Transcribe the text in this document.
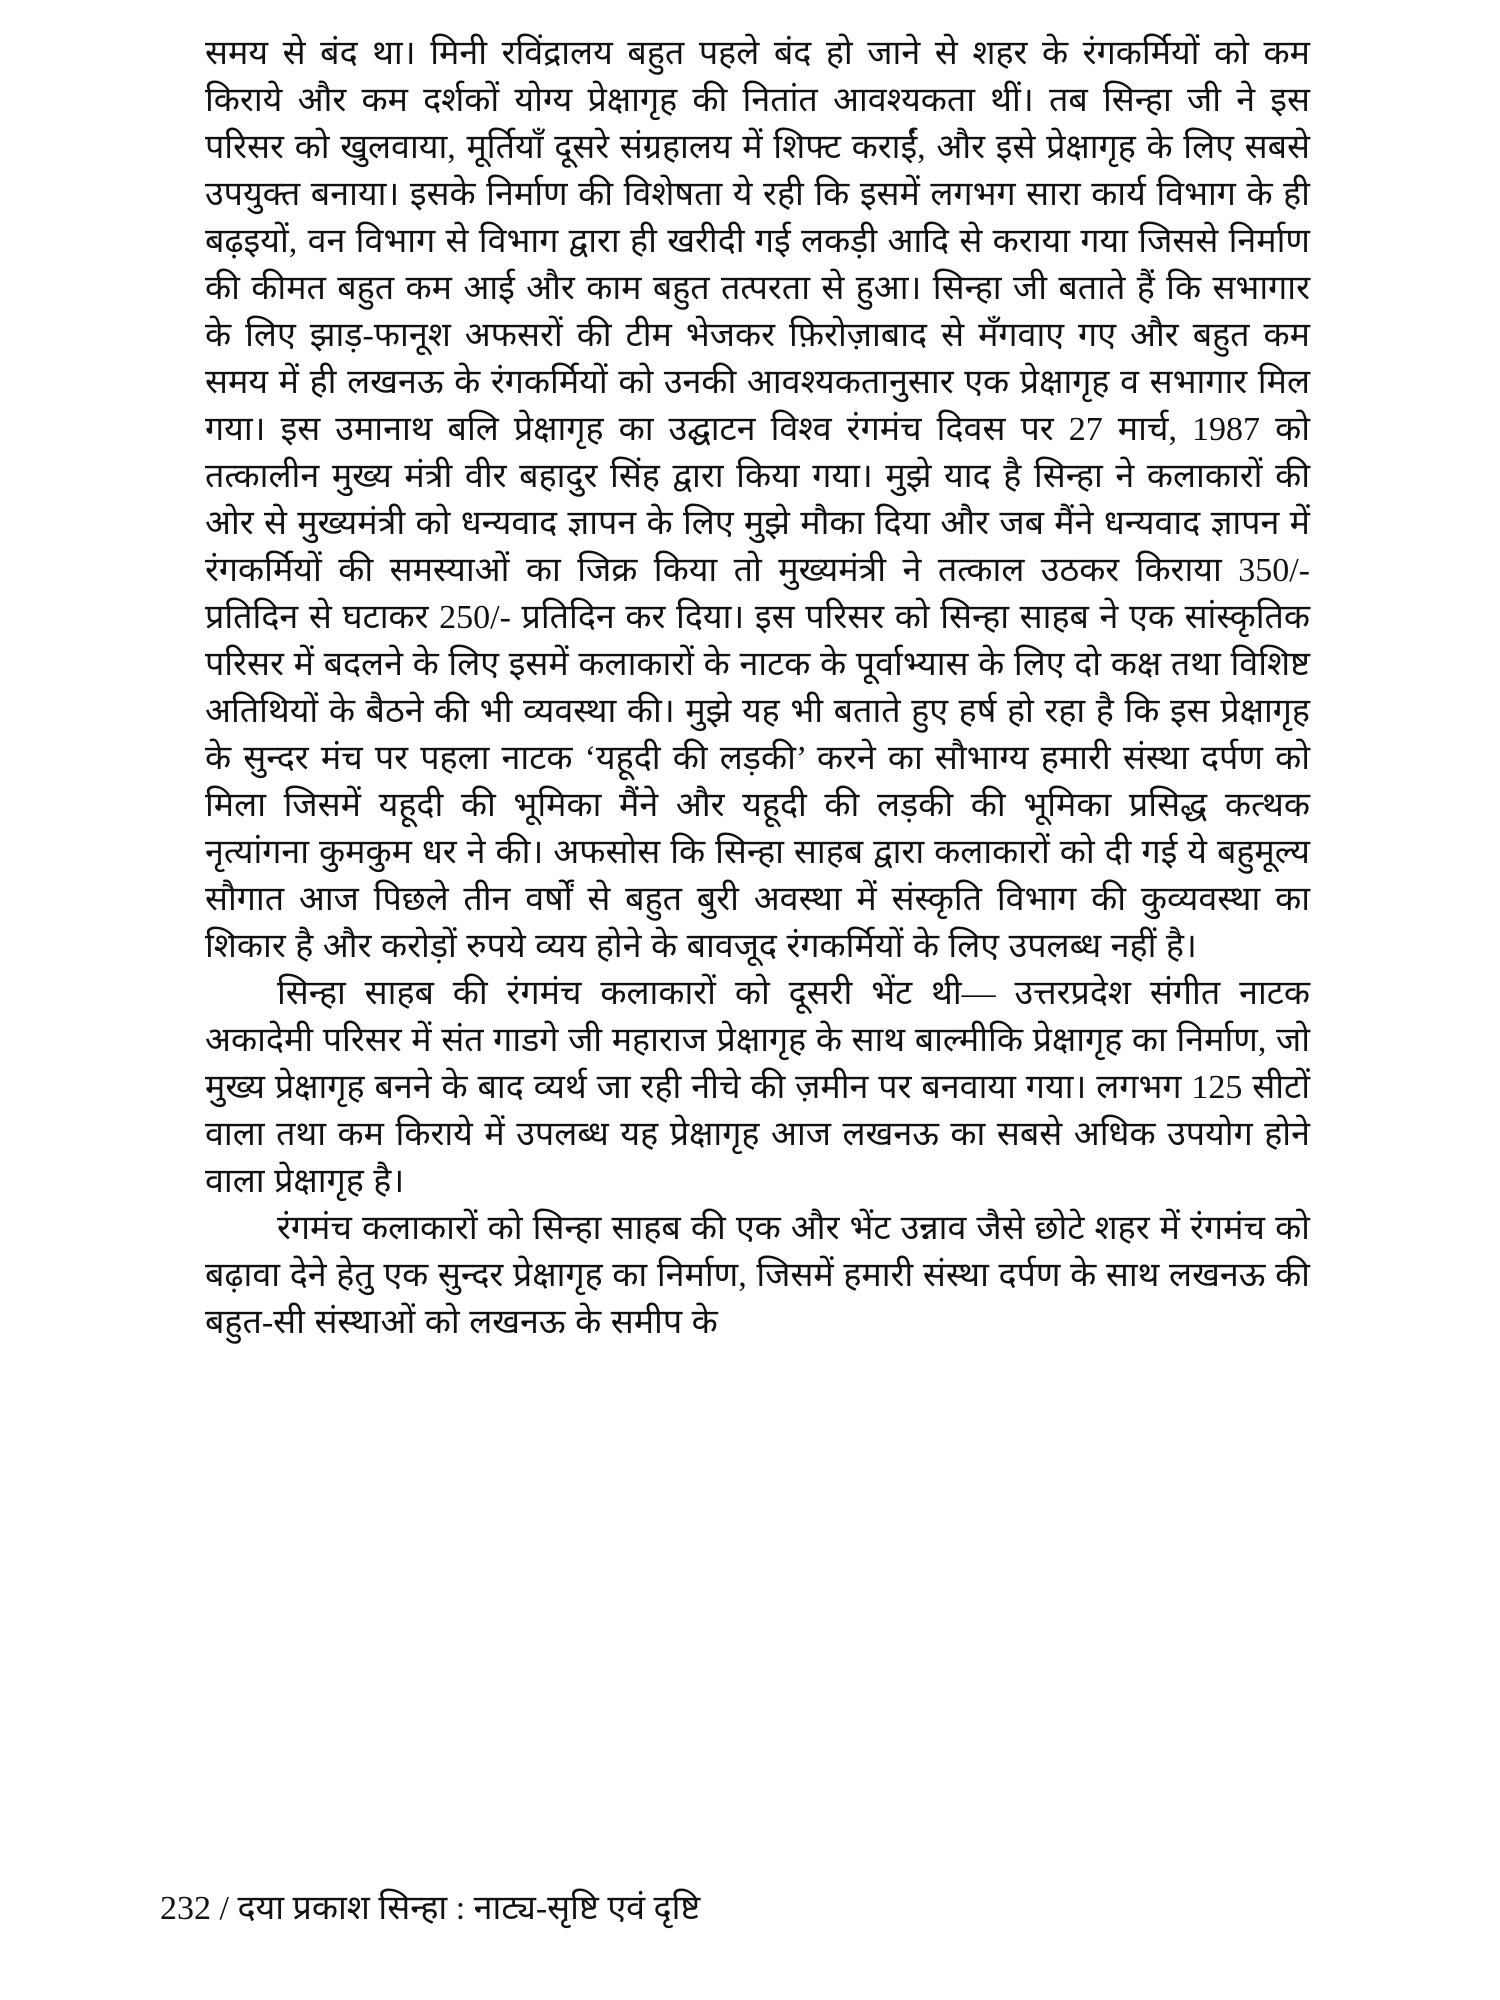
समय से बंद था। मिनी रविंद्रालय बहुत पहले बंद हो जाने से शहर के रंगकर्मियों को कम किराये और कम दर्शकों योग्य प्रेक्षागृह की नितांत आवश्यकता थीं। तब सिन्हा जी ने इस परिसर को खुलवाया, मूर्तियाँ दूसरे संग्रहालय में शिफ्ट कराईं, और इसे प्रेक्षागृह के लिए सबसे उपयुक्त बनाया। इसके निर्माण की विशेषता ये रही कि इसमें लगभग सारा कार्य विभाग के ही बढ़इयों, वन विभाग से विभाग द्वारा ही खरीदी गई लकड़ी आदि से कराया गया जिससे निर्माण की कीमत बहुत कम आई और काम बहुत तत्परता से हुआ। सिन्हा जी बताते हैं कि सभागार के लिए झाड़-फानूश अफसरों की टीम भेजकर फ़िरोज़ाबाद से मँगवाए गए और बहुत कम समय में ही लखनऊ के रंगकर्मियों को उनकी आवश्यकतानुसार एक प्रेक्षागृह व सभागार मिल गया। इस उमानाथ बलि प्रेक्षागृह का उद्घाटन विश्व रंगमंच दिवस पर 27 मार्च, 1987 को तत्कालीन मुख्य मंत्री वीर बहादुर सिंह द्वारा किया गया। मुझे याद है सिन्हा ने कलाकारों की ओर से मुख्यमंत्री को धन्यवाद ज्ञापन के लिए मुझे मौका दिया और जब मैंने धन्यवाद ज्ञापन में रंगकर्मियों की समस्याओं का जिक्र किया तो मुख्यमंत्री ने तत्काल उठकर किराया 350/- प्रतिदिन से घटाकर 250/- प्रतिदिन कर दिया। इस परिसर को सिन्हा साहब ने एक सांस्कृतिक परिसर में बदलने के लिए इसमें कलाकारों के नाटक के पूर्वाभ्यास के लिए दो कक्ष तथा विशिष्ट अतिथियों के बैठने की भी व्यवस्था की। मुझे यह भी बताते हुए हर्ष हो रहा है कि इस प्रेक्षागृह के सुन्दर मंच पर पहला नाटक ‘यहूदी की लड़की’ करने का सौभाग्य हमारी संस्था दर्पण को मिला जिसमें यहूदी की भूमिका मैंने और यहूदी की लड़की की भूमिका प्रसिद्ध कत्थक नृत्यांगना कुमकुम धर ने की। अफसोस कि सिन्हा साहब द्वारा कलाकारों को दी गई ये बहुमूल्य सौगात आज पिछले तीन वर्षों से बहुत बुरी अवस्था में संस्कृति विभाग की कुव्यवस्था का शिकार है और करोड़ों रुपये व्यय होने के बावजूद रंगकर्मियों के लिए उपलब्ध नहीं है।

सिन्हा साहब की रंगमंच कलाकारों को दूसरी भेंट थी— उत्तरप्रदेश संगीत नाटक अकादेमी परिसर में संत गाडगे जी महाराज प्रेक्षागृह के साथ बाल्मीकि प्रेक्षागृह का निर्माण, जो मुख्य प्रेक्षागृह बनने के बाद व्यर्थ जा रही नीचे की ज़मीन पर बनवाया गया। लगभग 125 सीटों वाला तथा कम किराये में उपलब्ध यह प्रेक्षागृह आज लखनऊ का सबसे अधिक उपयोग होने वाला प्रेक्षागृह है।

रंगमंच कलाकारों को सिन्हा साहब की एक और भेंट उन्नाव जैसे छोटे शहर में रंगमंच को बढ़ावा देने हेतु एक सुन्दर प्रेक्षागृह का निर्माण, जिसमें हमारी संस्था दर्पण के साथ लखनऊ की बहुत-सी संस्थाओं को लखनऊ के समीप के

232 / दया प्रकाश सिन्हा : नाट्य-सृष्टि एवं दृष्टि
